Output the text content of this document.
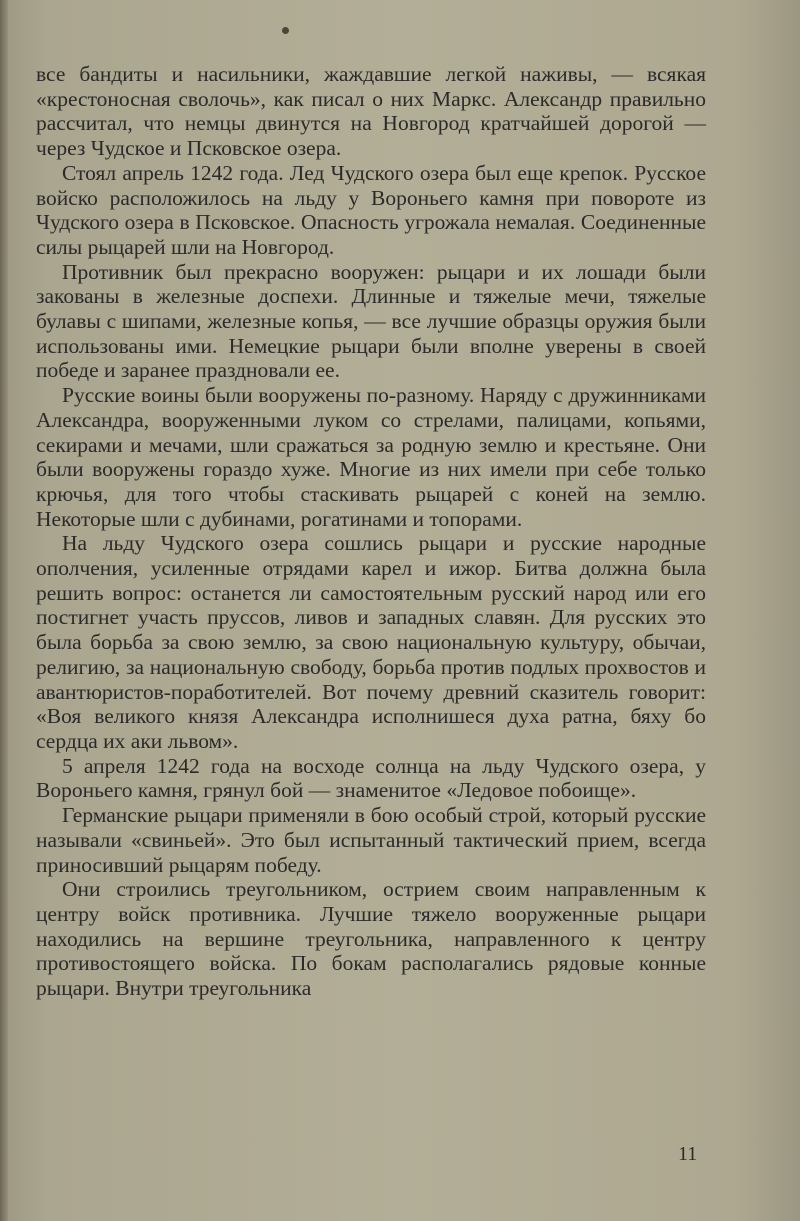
все бандиты и насильники, жаждавшие легкой наживы, — всякая «крестоносная сволочь», как писал о них Маркс. Александр правильно рассчитал, что немцы двинутся на Новгород кратчайшей дорогой — через Чудское и Псковское озера.

Стоял апрель 1242 года. Лед Чудского озера был еще крепок. Русское войско расположилось на льду у Вороньего камня при повороте из Чудского озера в Псковское. Опасность угрожала немалая. Соединенные силы рыцарей шли на Новгород.

Противник был прекрасно вооружен: рыцари и их лошади были закованы в железные доспехи. Длинные и тяжелые мечи, тяжелые булавы с шипами, железные копья, — все лучшие образцы оружия были использованы ими. Немецкие рыцари были вполне уверены в своей победе и заранее праздновали ее.

Русские воины были вооружены по-разному. Наряду с дружинниками Александра, вооруженными луком со стрелами, палицами, копьями, секирами и мечами, шли сражаться за родную землю и крестьяне. Они были вооружены гораздо хуже. Многие из них имели при себе только крючья, для того чтобы стаскивать рыцарей с коней на землю. Некоторые шли с дубинами, рогатинами и топорами.

На льду Чудского озера сошлись рыцари и русские народные ополчения, усиленные отрядами карел и ижор. Битва должна была решить вопрос: останется ли самостоятельным русский народ или его постигнет участь пруссов, ливов и западных славян. Для русских это была борьба за свою землю, за свою национальную культуру, обычаи, религию, за национальную свободу, борьба против подлых прохвостов и авантюристов-поработителей. Вот почему древний сказитель говорит: «Воя великого князя Александра исполнишеся духа ратна, бяху бо сердца их аки львом».

5 апреля 1242 года на восходе солнца на льду Чудского озера, у Вороньего камня, грянул бой — знаменитое «Ледовое побоище».

Германские рыцари применяли в бою особый строй, который русские называли «свиньей». Это был испытанный тактический прием, всегда приносивший рыцарям победу.

Они строились треугольником, острием своим направленным к центру войск противника. Лучшие тяжело вооруженные рыцари находились на вершине треугольника, направленного к центру противостоящего войска. По бокам располагались рядовые конные рыцари. Внутри треугольника

11
